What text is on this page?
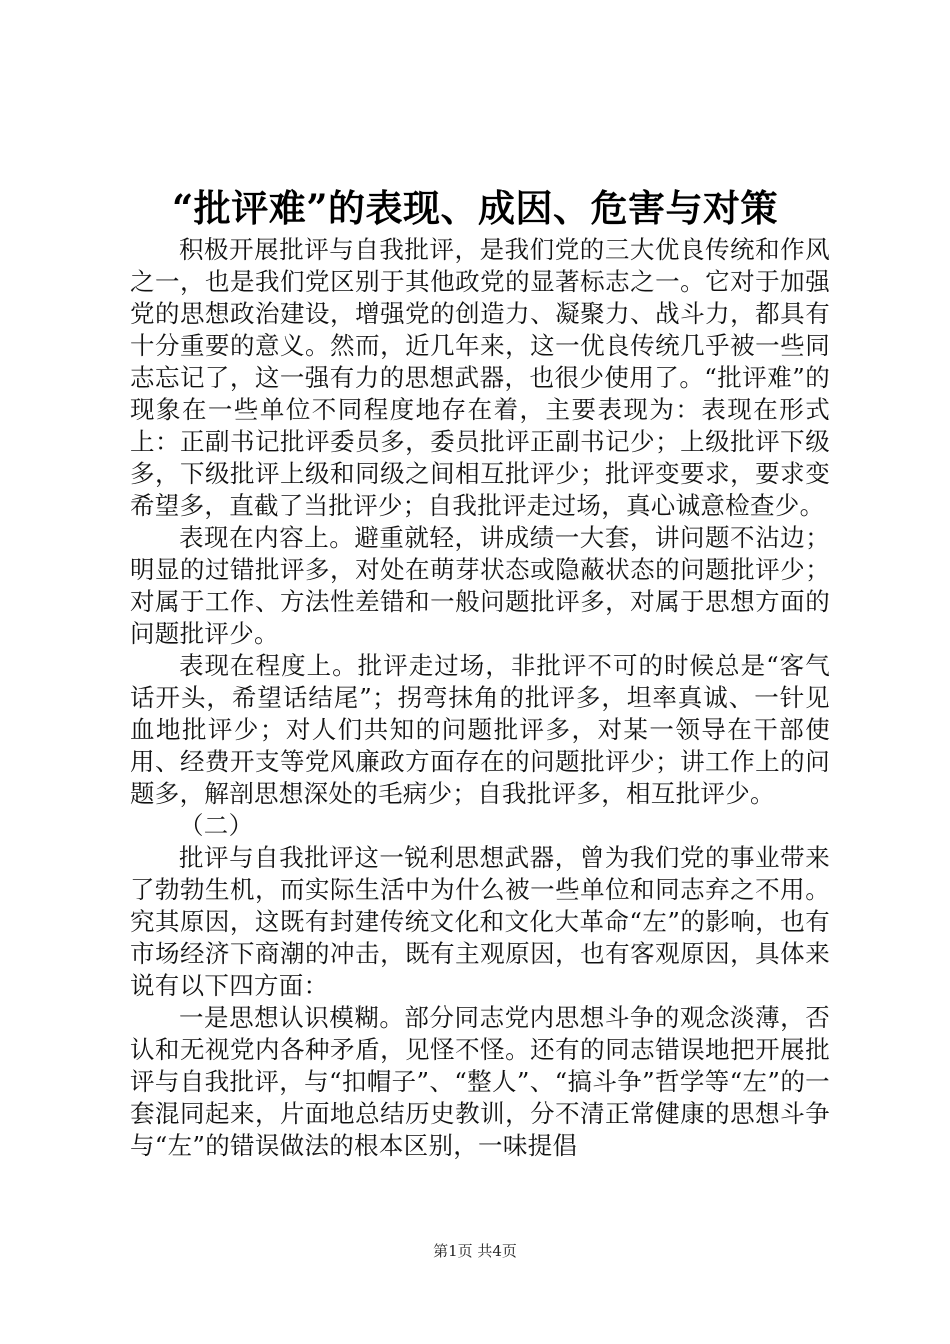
“批评难”的表现、成因、危害与对策

积极开展批评与自我批评，是我们党的三大优良传统和作风之一，也是我们党区别于其他政党的显著标志之一。它对于加强党的思想政治建设，增强党的创造力、凝聚力、战斗力，都具有十分重要的意义。然而，近几年来，这一优良传统几乎被一些同志忘记了，这一强有力的思想武器，也很少使用了。“批评难”的现象在一些单位不同程度地存在着，主要表现为：表现在形式上：正副书记批评委员多，委员批评正副书记少；上级批评下级多，下级批评上级和同级之间相互批评少；批评变要求，要求变希望多，直截了当批评少；自我批评走过场，真心诚意检查少。

表现在内容上。避重就轻，讲成绩一大套，讲问题不沾边；明显的过错批评多，对处在萌芽状态或隐蔽状态的问题批评少；对属于工作、方法性差错和一般问题批评多，对属于思想方面的问题批评少。

表现在程度上。批评走过场，非批评不可的时候总是“客气话开头，希望话结尾”；拐弯抹角的批评多，坦率真诚、一针见血地批评少；对人们共知的问题批评多，对某一领导在干部使用、经费开支等党风廉政方面存在的问题批评少；讲工作上的问题多，解剖思想深处的毛病少；自我批评多，相互批评少。

（二）

批评与自我批评这一锐利思想武器，曾为我们党的事业带来了勃勃生机，而实际生活中为什么被一些单位和同志弃之不用。究其原因，这既有封建传统文化和文化大革命“左”的影响，也有市场经济下商潮的冲击，既有主观原因，也有客观原因，具体来说有以下四方面：

一是思想认识模糊。部分同志党内思想斗争的观念淡薄，否认和无视党内各种矛盾，见怪不怪。还有的同志错误地把开展批评与自我批评，与“扣帽子”、“整人”、“搞斗争”哲学等“左”的一套混同起来，片面地总结历史教训，分不清正常健康的思想斗争与“左”的错误做法的根本区别，一味提倡

第1页 共4页
